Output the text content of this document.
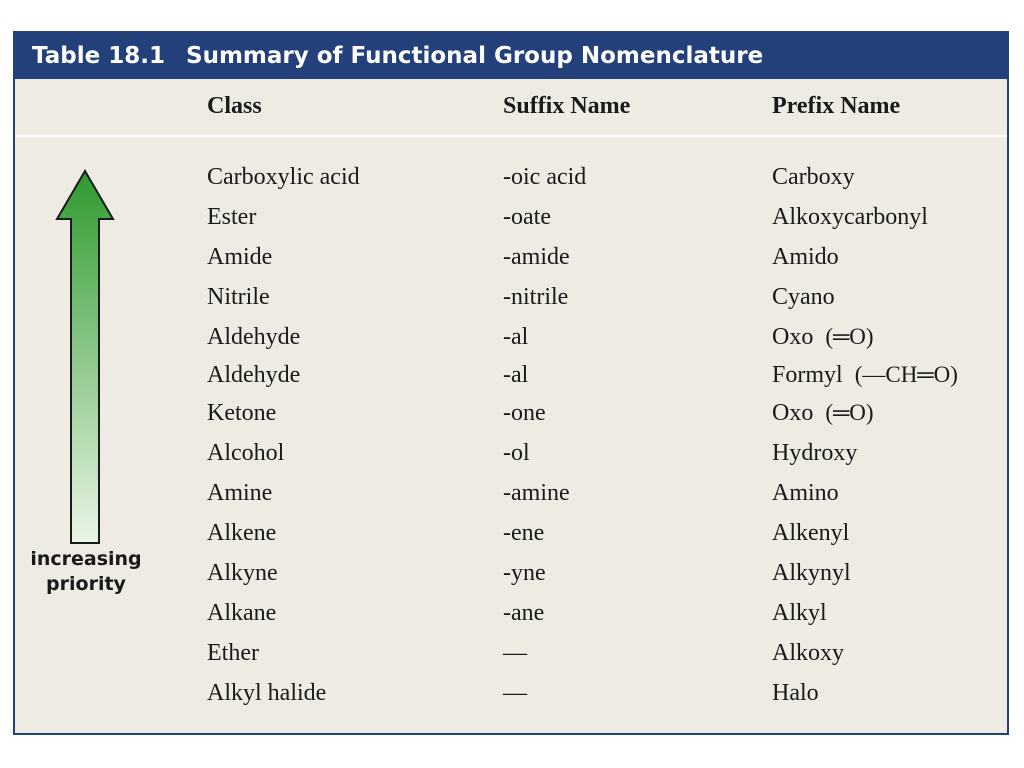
Table 18.1 Summary of Functional Group Nomenclature
Class	Suffix Name	Prefix Name
increasing
priority
Carboxylic acid	-oic acid	Carboxy
Ester	-oate	Alkoxycarbonyl
Amide	-amide	Amido
Nitrile	-nitrile	Cyano
Aldehyde	-al	Oxo (═O)
Aldehyde	-al	Formyl (—CH═O)
Ketone	-one	Oxo (═O)
Alcohol	-ol	Hydroxy
Amine	-amine	Amino
Alkene	-ene	Alkenyl
Alkyne	-yne	Alkynyl
Alkane	-ane	Alkyl
Ether	—	Alkoxy
Alkyl halide	—	Halo
